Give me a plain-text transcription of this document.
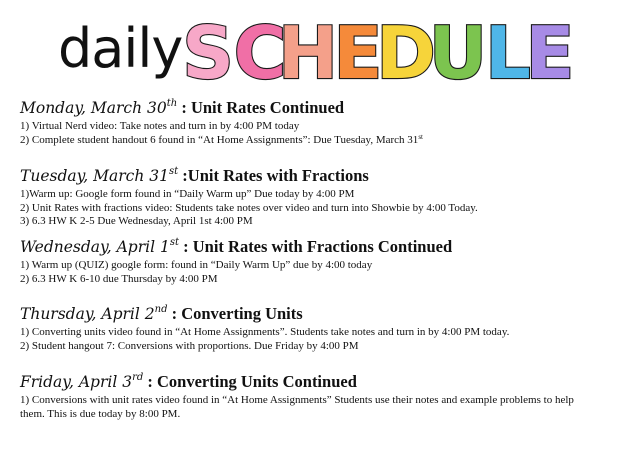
daily S C
H
E
D
U
L
E
Monday, March 30th : Unit Rates Continued
1) Virtual Nerd video: Take notes and turn in by 4:00 PM today
2) Complete student handout 6 found in “At Home Assignments”: Due Tuesday, March 31st
Tuesday, March 31st :Unit Rates with Fractions
1)Warm up: Google form found in “Daily Warm up” Due today by 4:00 PM
2) Unit Rates with fractions video: Students take notes over video and turn into Showbie by 4:00 Today.
3) 6.3 HW K 2-5 Due Wednesday, April 1st 4:00 PM
Wednesday, April 1st : Unit Rates with Fractions Continued
1) Warm up (QUIZ) google form: found in “Daily Warm Up” due by 4:00 today
2) 6.3 HW K 6-10 due Thursday by 4:00 PM
Thursday, April 2nd : Converting Units
1) Converting units video found in “At Home Assignments”. Students take notes and turn in by 4:00 PM today.
2) Student hangout 7: Conversions with proportions. Due Friday by 4:00 PM
Friday, April 3rd : Converting Units Continued
1) Conversions with unit rates video found in “At Home Assignments” Students use their notes and example problems to help them. This is due today by 8:00 PM.
